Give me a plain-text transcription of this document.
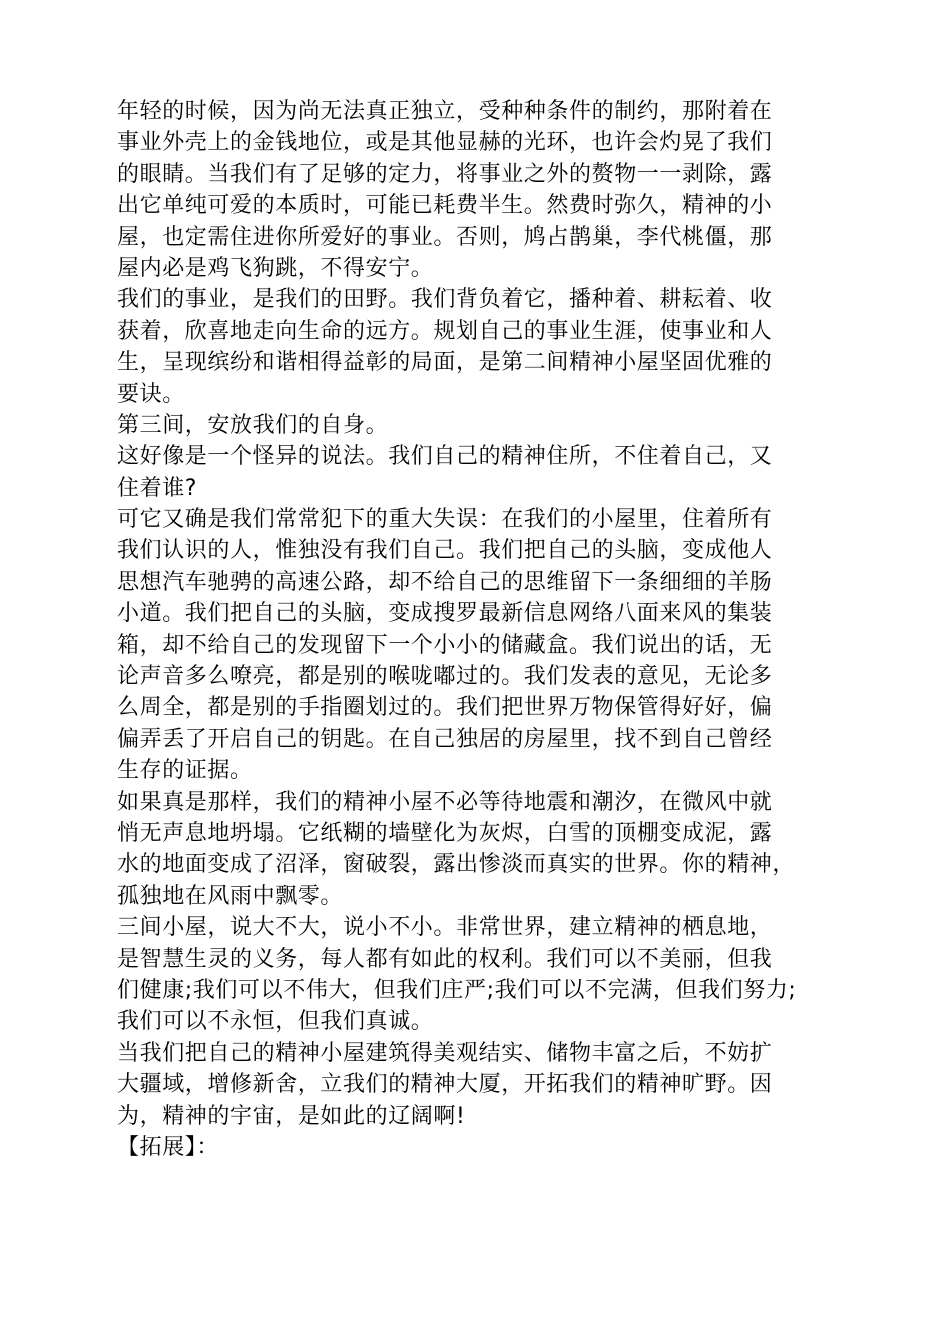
年轻的时候，因为尚无法真正独立，受种种条件的制约，那附着在
事业外壳上的金钱地位，或是其他显赫的光环，也许会灼晃了我们
的眼睛。当我们有了足够的定力，将事业之外的赘物一一剥除，露
出它单纯可爱的本质时，可能已耗费半生。然费时弥久，精神的小
屋，也定需住进你所爱好的事业。否则，鸠占鹊巢，李代桃僵，那
屋内必是鸡飞狗跳，不得安宁。
我们的事业，是我们的田野。我们背负着它，播种着、耕耘着、收
获着，欣喜地走向生命的远方。规划自己的事业生涯，使事业和人
生，呈现缤纷和谐相得益彰的局面，是第二间精神小屋坚固优雅的
要诀。
第三间，安放我们的自身。
这好像是一个怪异的说法。我们自己的精神住所，不住着自己，又
住着谁?
可它又确是我们常常犯下的重大失误：在我们的小屋里，住着所有
我们认识的人，惟独没有我们自己。我们把自己的头脑，变成他人
思想汽车驰骋的高速公路，却不给自己的思维留下一条细细的羊肠
小道。我们把自己的头脑，变成搜罗最新信息网络八面来风的集装
箱，却不给自己的发现留下一个小小的储藏盒。我们说出的话，无
论声音多么嘹亮，都是别的喉咙嘟过的。我们发表的意见，无论多
么周全，都是别的手指圈划过的。我们把世界万物保管得好好，偏
偏弄丢了开启自己的钥匙。在自己独居的房屋里，找不到自己曾经
生存的证据。
如果真是那样，我们的精神小屋不必等待地震和潮汐，在微风中就
悄无声息地坍塌。它纸糊的墙壁化为灰烬，白雪的顶棚变成泥，露
水的地面变成了沼泽，窗破裂，露出惨淡而真实的世界。你的精神，
孤独地在风雨中飘零。
三间小屋，说大不大，说小不小。非常世界，建立精神的栖息地，
是智慧生灵的义务，每人都有如此的权利。我们可以不美丽，但我
们健康;我们可以不伟大，但我们庄严;我们可以不完满，但我们努力;
我们可以不永恒，但我们真诚。
当我们把自己的精神小屋建筑得美观结实、储物丰富之后，不妨扩
大疆域，增修新舍，立我们的精神大厦，开拓我们的精神旷野。因
为，精神的宇宙，是如此的辽阔啊!
【拓展】：
